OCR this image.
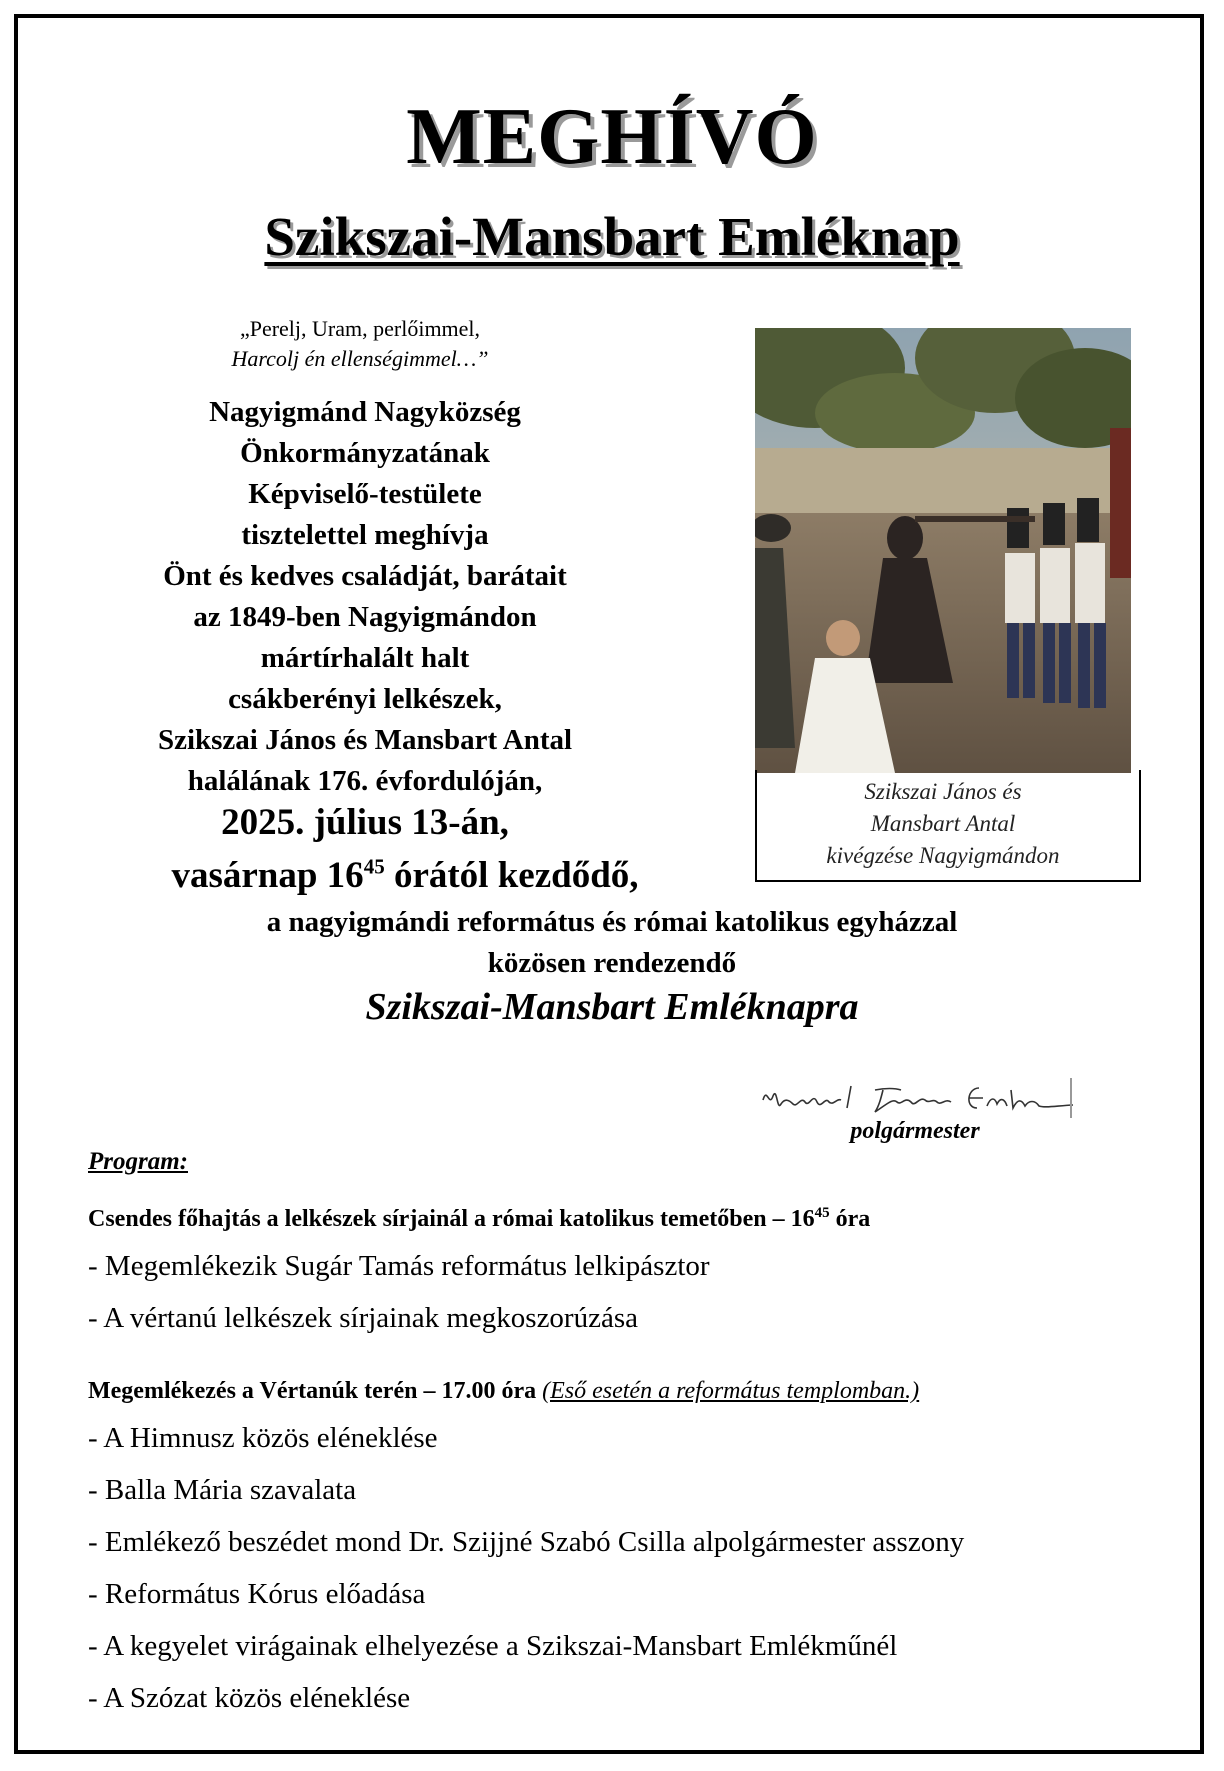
MEGHÍVÓ
Szikszai-Mansbart Emléknap
„Perelj, Uram, perlőimmel,
Harcolj én ellenségimmel…”
Nagyigmánd Nagyközség
Önkormányzatának
Képviselő-testülete
tisztelettel meghívja
Önt és kedves családját, barátait
az 1849-ben Nagyigmándon
mártírhalált halt
csákberényi lelkészek,
Szikszai János és Mansbart Antal
halálának 176. évfordulóján,
2025. július 13-án,
vasárnap $16^{45}$ órától kezdődő,
a nagyigmándi református és római katolikus egyházzal
közösen rendezendő
Szikszai-Mansbart Emléknapra
Szikszai János és
Mansbart Antal
kivégzése Nagyigmándon
polgármester
Program:
Csendes főhajtás a lelkészek sírjainál a római katolikus temetőben – $16^{45}$ óra
- Megemlékezik Sugár Tamás református lelkipásztor
- A vértanú lelkészek sírjainak megkoszorúzása
Megemlékezés a Vértanúk terén – 17.00 óra (Eső esetén a református templomban.)
- A Himnusz közös eléneklése
- Balla Mária szavalata
- Emlékező beszédet mond Dr. Szijjné Szabó Csilla alpolgármester asszony
- Református Kórus előadása
- A kegyelet virágainak elhelyezése a Szikszai-Mansbart Emlékműnél
- A Szózat közös eléneklése
